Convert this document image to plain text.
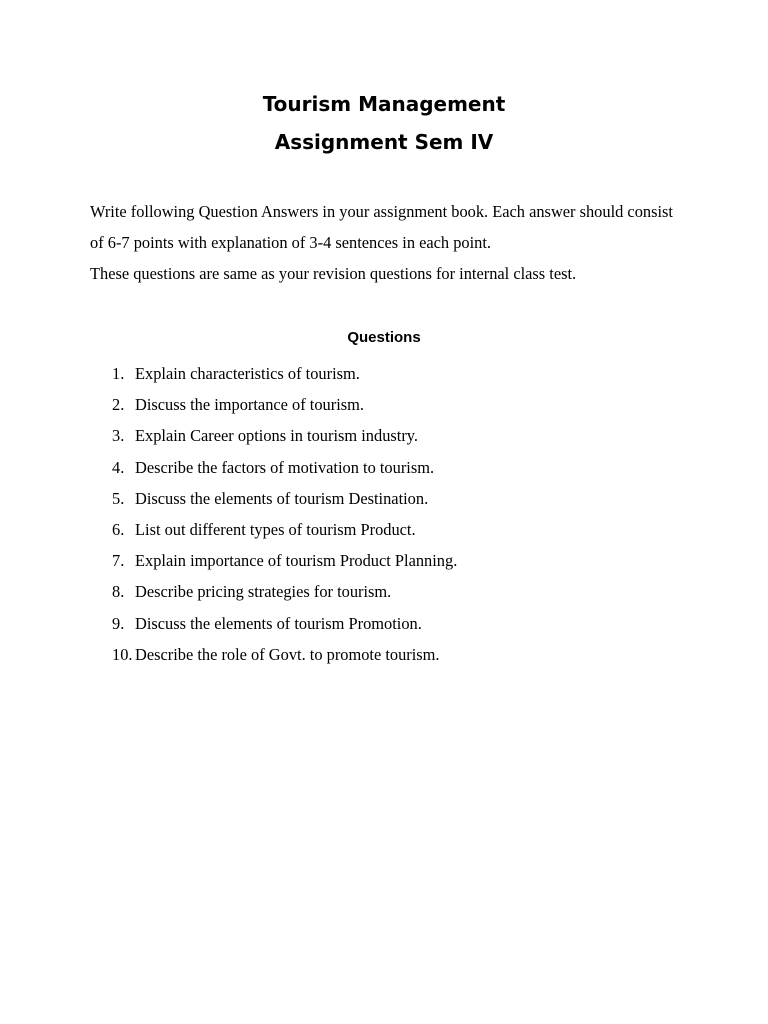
Tourism Management
Assignment Sem IV

Write following Question Answers in your assignment book. Each answer should consist of 6-7 points with explanation of 3-4 sentences in each point.

These questions are same as your revision questions for internal class test.

Questions
1. Explain characteristics of tourism.
2. Discuss the importance of tourism.
3. Explain Career options in tourism industry.
4. Describe the factors of motivation to tourism.
5. Discuss the elements of tourism Destination.
6. List out different types of tourism Product.
7. Explain importance of tourism Product Planning.
8. Describe pricing strategies for tourism.
9. Discuss the elements of tourism Promotion.
10. Describe the role of Govt. to promote tourism.
